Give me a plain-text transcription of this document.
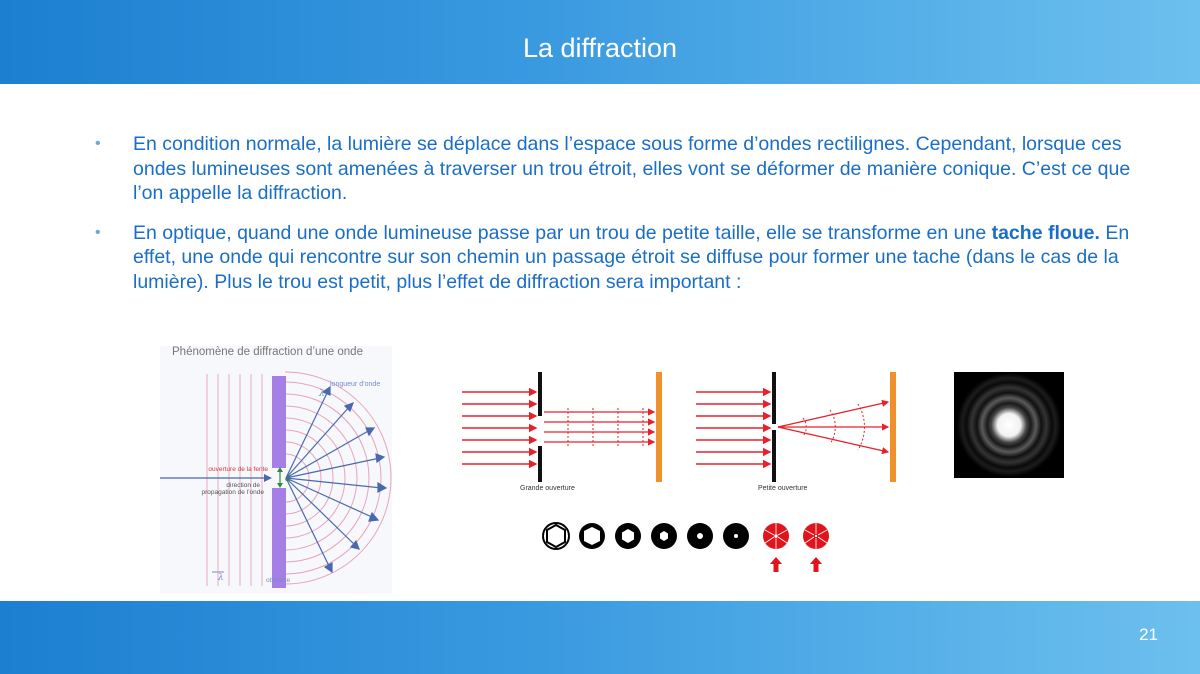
La diffraction
• En condition normale, la lumière se déplace dans l’espace sous forme d’ondes rectilignes. Cependant, lorsque ces ondes lumineuses sont amenées à traverser un trou étroit, elles vont se déformer de manière conique. C’est ce que l’on appelle la diffraction.
• En optique, quand une onde lumineuse passe par un trou de petite taille, elle se transforme en une tache floue. En effet, une onde qui rencontre sur son chemin un passage étroit se diffuse pour former une tache (dans le cas de la lumière). Plus le trou est petit, plus l’effet de diffraction sera important :
Phénomène de diffraction d’une onde
a
longueur d’onde
λ
λ
ouverture de la fente
direction de
propagation de l’onde
obstacle
Grande ouverture	Petite ouverture
21
